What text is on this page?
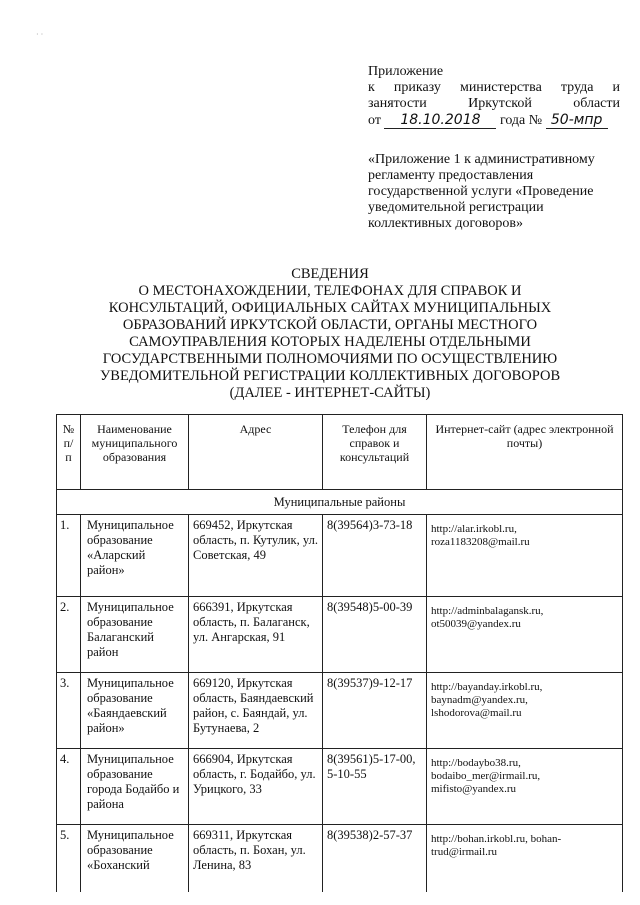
· ·
Приложение
к приказу министерства труда и
занятости Иркутской области
от 18.10.2018 года № 50-мпр
«Приложение 1 к административному регламенту предоставления государственной услуги «Проведение уведомительной регистрации коллективных договоров»
СВЕДЕНИЯ
О МЕСТОНАХОЖДЕНИИ, ТЕЛЕФОНАХ ДЛЯ СПРАВОК И
КОНСУЛЬТАЦИЙ, ОФИЦИАЛЬНЫХ САЙТАХ МУНИЦИПАЛЬНЫХ
ОБРАЗОВАНИЙ ИРКУТСКОЙ ОБЛАСТИ, ОРГАНЫ МЕСТНОГО
САМОУПРАВЛЕНИЯ КОТОРЫХ НАДЕЛЕНЫ ОТДЕЛЬНЫМИ
ГОСУДАРСТВЕННЫМИ ПОЛНОМОЧИЯМИ ПО ОСУЩЕСТВЛЕНИЮ
УВЕДОМИТЕЛЬНОЙ РЕГИСТРАЦИИ КОЛЛЕКТИВНЫХ ДОГОВОРОВ
(ДАЛЕЕ - ИНТЕРНЕТ-САЙТЫ)
№ п/п	Наименование муниципального образования	Адрес	Телефон для справок и консультаций	Интернет-сайт (адрес электронной почты)
Муниципальные районы				
1.	Муниципальное образование «Аларский район»	669452, Иркутская область, п. Кутулик, ул. Советская, 49	8(39564)3-73-18	http://alar.irkobl.ru, roza1183208@mail.ru
2.	Муниципальное образование Балаганский район	666391, Иркутская область, п. Балаганск, ул. Ангарская, 91	8(39548)5-00-39	http://adminbalagansk.ru, ot50039@yandex.ru
3.	Муниципальное образование «Баяндаевский район»	669120, Иркутская область, Баяндаевский район, с. Баяндай, ул. Бутунаева, 2	8(39537)9-12-17	http://bayanday.irkobl.ru, baynadm@yandex.ru, lshodorova@mail.ru
4.	Муниципальное образование города Бодайбо и района	666904, Иркутская область, г. Бодайбо, ул. Урицкого, 33	8(39561)5-17-00, 5-10-55	http://bodaybo38.ru, bodaibo_mer@irmail.ru, mifisto@yandex.ru
5.	Муниципальное образование «Боханский	669311, Иркутская область, п. Бохан, ул. Ленина, 83	8(39538)2-57-37	http://bohan.irkobl.ru, bohan-trud@irmail.ru
